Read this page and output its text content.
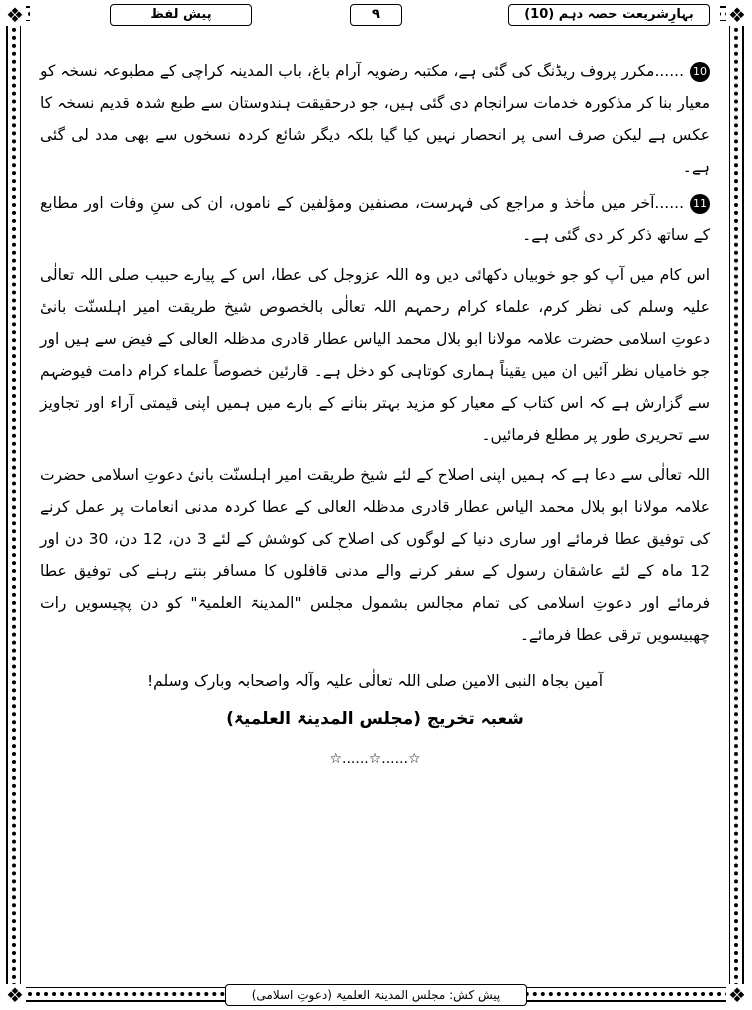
❖	❖
❖	❖
بہارِشریعت حصہ دہم (10)
۹
پیش لفظ

10......مکرر پروف ریڈنگ کی گئی ہے، مکتبہ رضویہ آرام باغ، باب المدینہ کراچی کے مطبوعہ نسخہ کو معیار بنا کر مذکورہ خدمات سرانجام دی گئی ہیں، جو درحقیقت ہندوستان سے طبع شدہ قدیم نسخہ کا عکس ہے لیکن صرف اسی پر انحصار نہیں کیا گیا بلکہ دیگر شائع کردہ نسخوں سے بھی مدد لی گئی ہے۔

11......آخر میں ماٰخذ و مراجع کی فہرست، مصنفین ومؤلفین کے ناموں، ان کی سنِ وفات اور مطابع کے ساتھ ذکر کر دی گئی ہے۔

اس کام میں آپ کو جو خوبیاں دکھائی دیں وہ اللہ عزوجل کی عطا، اس کے پیارے حبیب صلی اللہ تعالٰی علیہ وسلم کی نظر کرم، علماء کرام رحمہم اللہ تعالٰی بالخصوص شیخ طریقت امیر اہلسنّت بانیٔ دعوتِ اسلامی حضرت علامہ مولانا ابو بلال محمد الیاس عطار قادری مدظلہ العالی کے فیض سے ہیں اور جو خامیاں نظر آئیں ان میں یقیناً ہماری کوتاہی کو دخل ہے۔ قارئین خصوصاً علماء کرام دامت فیوضہم سے گزارش ہے کہ اس کتاب کے معیار کو مزید بہتر بنانے کے بارے میں ہمیں اپنی قیمتی آراء اور تجاویز سے تحریری طور پر مطلع فرمائیں۔

اللہ تعالٰی سے دعا ہے کہ ہمیں اپنی اصلاح کے لئے شیخ طریقت امیر اہلسنّت بانیٔ دعوتِ اسلامی حضرت علامہ مولانا ابو بلال محمد الیاس عطار قادری مدظلہ العالی کے عطا کردہ مدنی انعامات پر عمل کرنے کی توفیق عطا فرمائے اور ساری دنیا کے لوگوں کی اصلاح کی کوشش کے لئے 3 دن، 12 دن، 30 دن اور 12 ماہ کے لئے عاشقان رسول کے سفر کرنے والے مدنی قافلوں کا مسافر بنتے رہنے کی توفیق عطا فرمائے اور دعوتِ اسلامی کی تمام مجالس بشمول مجلس "المدینۃ العلمیۃ" کو دن پچیسویں رات چھبیسویں ترقی عطا فرمائے۔

آمین بجاہ النبی الامین صلی اللہ تعالٰی علیہ وآلہ واصحابہ وبارک وسلم!

شعبہ تخریج (مجلس المدینۃ العلمیۃ)
☆......☆......☆
پیش کش: مجلس المدینۃ العلمیۃ (دعوتِ اسلامی)
